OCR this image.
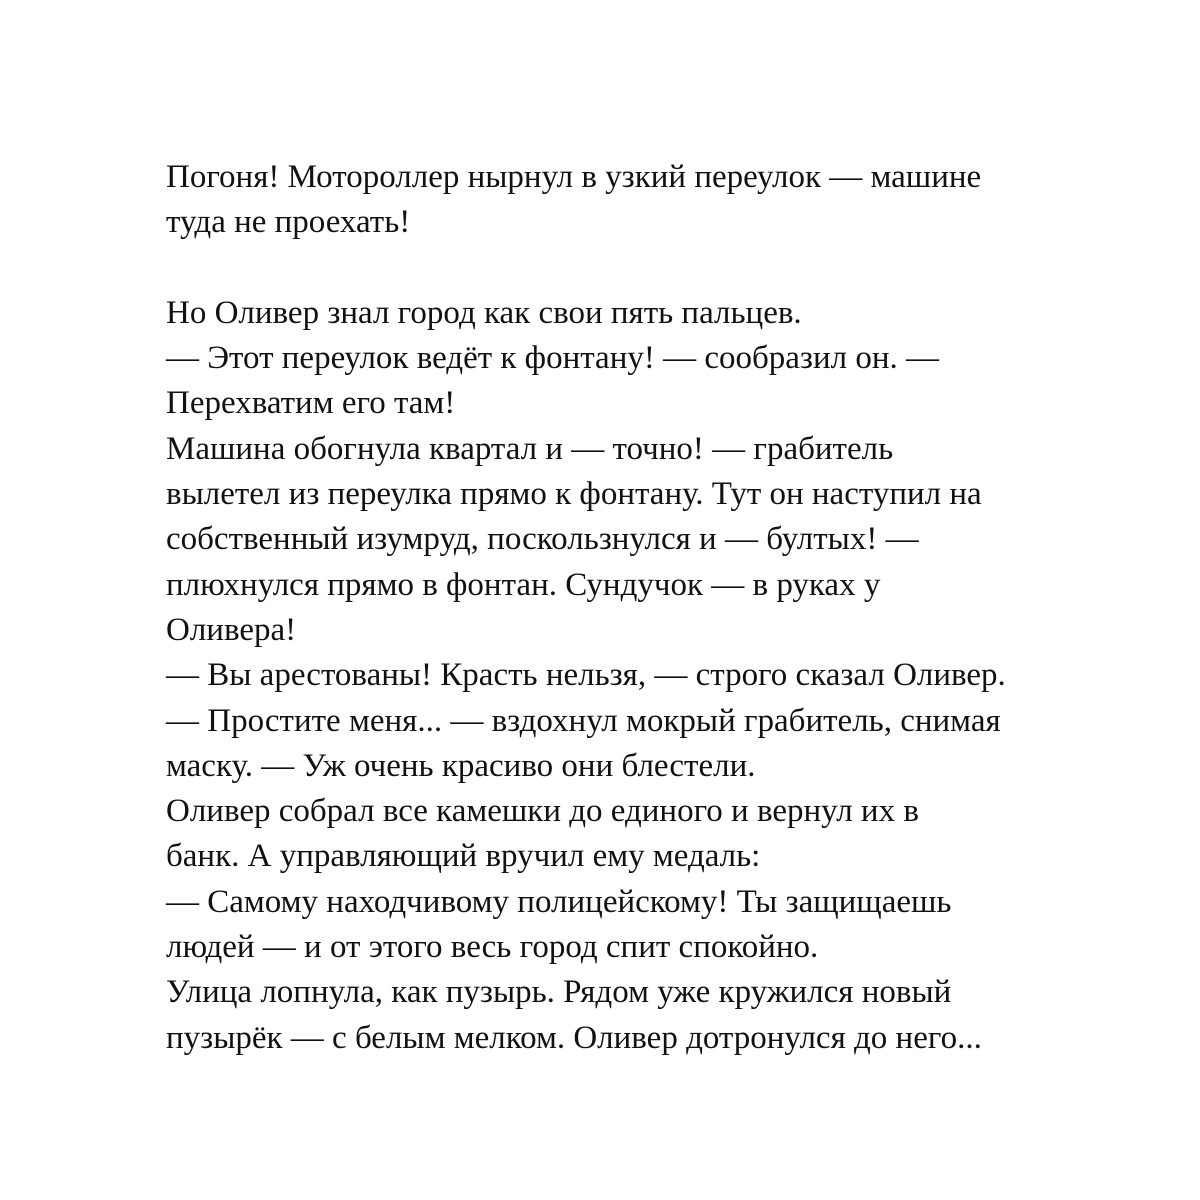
Погоня! Мотороллер нырнул в узкий переулок — машине
туда не проехать!
Но Оливер знал город как свои пять пальцев.
— Этот переулок ведёт к фонтану! — сообразил он. —
Перехватим его там!
Машина обогнула квартал и — точно! — грабитель
вылетел из переулка прямо к фонтану. Тут он наступил на
собственный изумруд, поскользнулся и — бултых! —
плюхнулся прямо в фонтан. Сундучок — в руках у
Оливера!
— Вы арестованы! Красть нельзя, — строго сказал Оливер.
— Простите меня... — вздохнул мокрый грабитель, снимая
маску. — Уж очень красиво они блестели.
Оливер собрал все камешки до единого и вернул их в
банк. А управляющий вручил ему медаль:
— Самому находчивому полицейскому! Ты защищаешь
людей — и от этого весь город спит спокойно.
Улица лопнула, как пузырь. Рядом уже кружился новый
пузырёк — с белым мелком. Оливер дотронулся до него...
